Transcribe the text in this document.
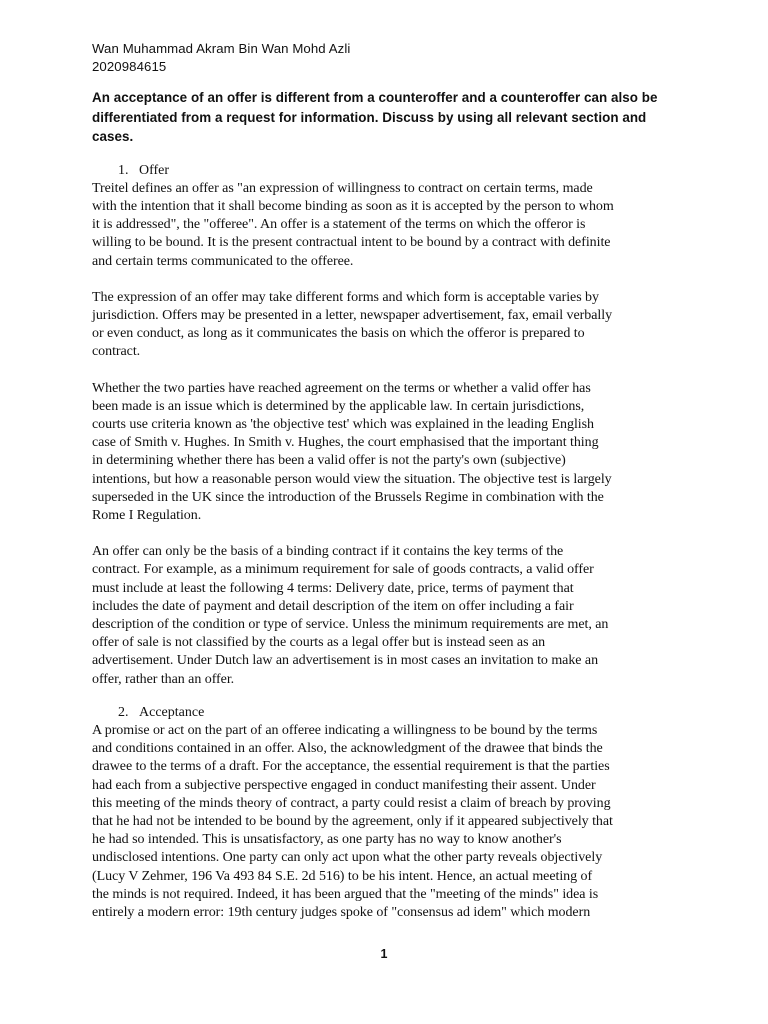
Wan Muhammad Akram Bin Wan Mohd Azli

2020984615

An acceptance of an offer is different from a counteroffer and a counteroffer can also be
differentiated from a request for information. Discuss by using all relevant section and
cases.

1. Offer

Treitel defines an offer as "an expression of willingness to contract on certain terms, made
with the intention that it shall become binding as soon as it is accepted by the person to whom
it is addressed", the "offeree". An offer is a statement of the terms on which the offeror is
willing to be bound. It is the present contractual intent to be bound by a contract with definite
and certain terms communicated to the offeree.

The expression of an offer may take different forms and which form is acceptable varies by
jurisdiction. Offers may be presented in a letter, newspaper advertisement, fax, email verbally
or even conduct, as long as it communicates the basis on which the offeror is prepared to
contract.

Whether the two parties have reached agreement on the terms or whether a valid offer has
been made is an issue which is determined by the applicable law. In certain jurisdictions,
courts use criteria known as 'the objective test' which was explained in the leading English
case of Smith v. Hughes. In Smith v. Hughes, the court emphasised that the important thing
in determining whether there has been a valid offer is not the party's own (subjective)
intentions, but how a reasonable person would view the situation. The objective test is largely
superseded in the UK since the introduction of the Brussels Regime in combination with the
Rome I Regulation.

An offer can only be the basis of a binding contract if it contains the key terms of the
contract. For example, as a minimum requirement for sale of goods contracts, a valid offer
must include at least the following 4 terms: Delivery date, price, terms of payment that
includes the date of payment and detail description of the item on offer including a fair
description of the condition or type of service. Unless the minimum requirements are met, an
offer of sale is not classified by the courts as a legal offer but is instead seen as an
advertisement. Under Dutch law an advertisement is in most cases an invitation to make an
offer, rather than an offer.

2. Acceptance

A promise or act on the part of an offeree indicating a willingness to be bound by the terms
and conditions contained in an offer. Also, the acknowledgment of the drawee that binds the
drawee to the terms of a draft. For the acceptance, the essential requirement is that the parties
had each from a subjective perspective engaged in conduct manifesting their assent. Under
this meeting of the minds theory of contract, a party could resist a claim of breach by proving
that he had not be intended to be bound by the agreement, only if it appeared subjectively that
he had so intended. This is unsatisfactory, as one party has no way to know another's
undisclosed intentions. One party can only act upon what the other party reveals objectively
(Lucy V Zehmer, 196 Va 493 84 S.E. 2d 516) to be his intent. Hence, an actual meeting of
the minds is not required. Indeed, it has been argued that the "meeting of the minds" idea is
entirely a modern error: 19th century judges spoke of "consensus ad idem" which modern

1
